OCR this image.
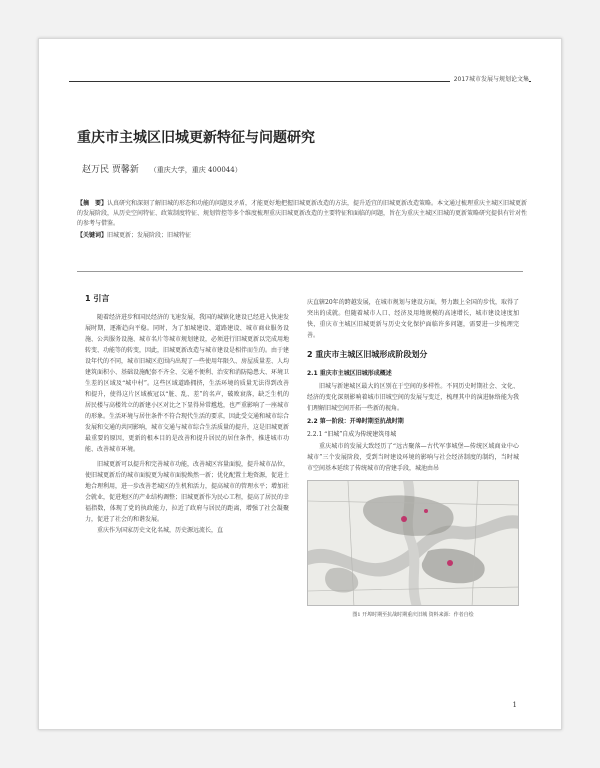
2017城市发展与规划论文集
重庆市主城区旧城更新特征与问题研究
赵万民 贾馨新 （重庆大学，重庆 400044）
【摘　要】认真研究和深刻了解旧城的形态和功能的问题及矛盾，才能更好地把握旧城更新改造的方法，提升适宜的旧城更新改造策略。本文通过梳理重庆主城区旧城更新的发展阶段，从历史空间特征、政策制度特征、规划管控等多个维度梳理重庆旧城更新改造的主要特征和面临的问题，旨在为重庆主城区旧城的更新策略研究提供有针对性的参考与借鉴。
【关键词】旧城更新；发展阶段；旧城特征
1 引言
随着经济进步和国民经济的飞速发展，我国的城镇化建设已经进入快速发展时期，逐渐趋向平稳。同时，为了加城建设、道路建设、城市商业服务设施、公共服务设施、城市名片等城市规划建设，必须进行旧城更新以完成用地转变、功能等的转变，因此，旧城更新改造与城市建设是相伴而生的。由于建设年代的不同，城市旧城区范围内出现了一些使用年限久、房屋质量差、人均建筑面积小、基础设施配套不齐全、交通不便利、治安和消防隐患大、环境卫生差的区域及“城中村”。这些区域道路拥挤，生活环境的质量无法得到改善和提升，使得这片区域被冠以“脏、乱、差”的名声，破败衰落，缺乏生机的居民楼与高楼耸立的新建小区对比之下显得异常尴尬，也严重影响了一座城市的形象。生活环境与居住条件不符合现代生活的要求，因此受交通和城市综合发展和交通的共同影响，城市交通与城市综合生活质量的提升，这是旧城更新最重要的原因，更新的根本目的是改善和提升居民的居住条件，推进城市功能、改善城市环境。
旧城更新可以提升和完善城市功能，改善城区容量面貌，提升城市品位，使旧城更新后的城市面貌更为城市面貌焕然一新；优化配置土地资源，促进土地合理利用，进一步改善老城区的生机和活力，提高城市的管理水平；增加社会就业，促进地区的产业结构调整；旧城更新作为民心工程，提高了居民的幸福指数，体现了党的执政能力，拉近了政府与居民的距离，增强了社会凝聚力，促进了社会的和谐发展。
重庆作为国家历史文化名城，历史源远流长，直
庆直辖20年的跨越发展，在城市规划与建设方面，努力跟上全国的步伐，取得了突出的成就。但随着城市人口、经济及用地规模的高速增长，城市建设速度加快，重庆市主城区旧城更新与历史文化保护面临许多问题，需要进一步梳理完善。
2 重庆市主城区旧城形成阶段划分
2.1 重庆市主城区旧城形成概述
旧城与新建城区最大的区别在于空间的多样性。不同历史时期社会、文化、经济的变化深刻影响着城市旧城空间的发展与变迁，梳理其中的演进脉络能为我们理解旧城空间开拓一些新的视角。
2.2 第一阶段：开埠时期至抗战时期
2.2.1 “旧城”自成为传统建筑母城
重庆城市的发展大致经历了“远古聚落—古代军事城堡—传统区域商业中心城市”三个发展阶段，受到当时建设环境的影响与社会经济制度的制约，当时城市空间基本延续了传统城市的营建手段，城池由吊
图1 开埠时期至抗战时期重庆旧城 资料来源：作者自绘
1
